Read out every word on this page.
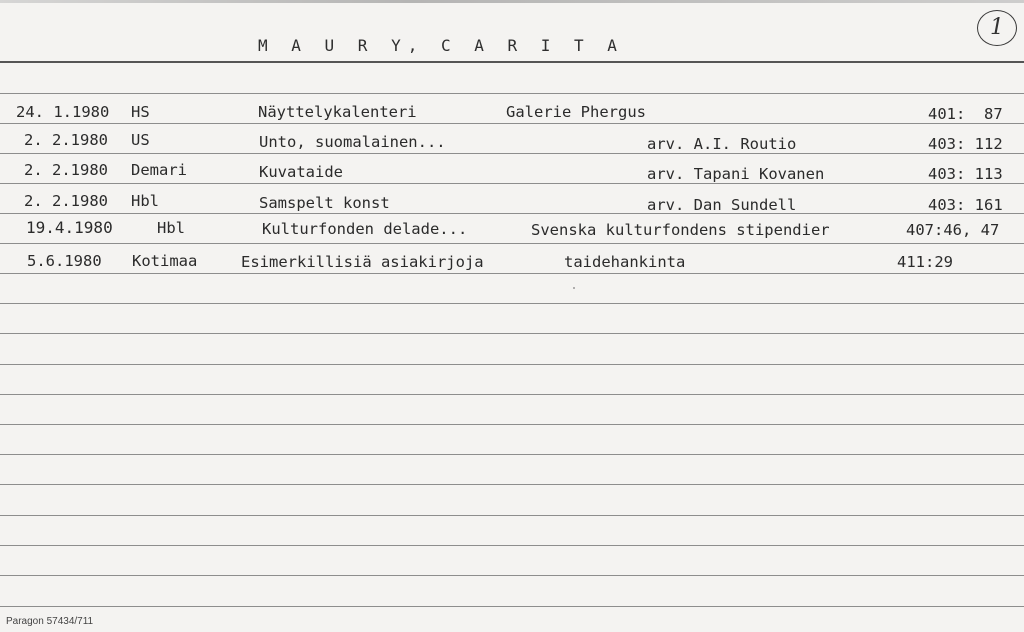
M A U R Y, C A R I T A
1
24. 1.1980 HS	Näyttelykalenteri	Galerie Phergus	401:  87
2. 2.1980 US	Unto, suomalainen...	arv. A.I. Routio	403: 112
2. 2.1980 Demari	Kuvataide	arv. Tapani Kovanen	403: 113
2. 2.1980 Hbl	Samspelt konst	arv. Dan Sundell	403: 161
19.4.1980	Hbl	Kulturfonden delade...	Svenska kulturfondens stipendier	407:46, 47
5.6.1980 Kotimaa	Esimerkillisiä asiakirjoja	taidehankinta	411:29
Paragon 57434/711
